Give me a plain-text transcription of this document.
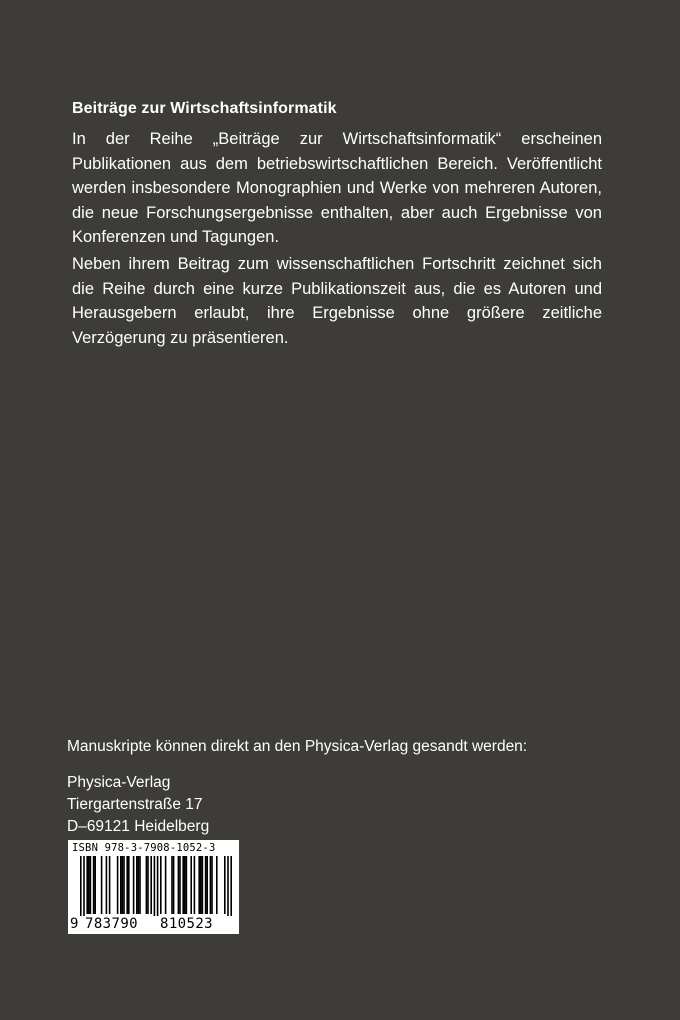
Beiträge zur Wirtschaftsinformatik

In der Reihe „Beiträge zur Wirtschaftsinformatik“ erscheinen Publikationen aus dem betriebswirtschaftlichen Bereich. Veröffentlicht werden insbesondere Monographien und Werke von mehreren Autoren, die neue Forschungsergebnisse enthalten, aber auch Ergebnisse von Konferenzen und Tagungen.

Neben ihrem Beitrag zum wissenschaftlichen Fortschritt zeichnet sich die Reihe durch eine kurze Publikationszeit aus, die es Autoren und Herausgebern erlaubt, ihre Ergebnisse ohne größere zeitliche Verzögerung zu präsentieren.

Manuskripte können direkt an den Physica-Verlag gesandt werden:
Physica-Verlag
Tiergartenstraße 17
D–69121 Heidelberg
ISBN 978-3-7908-1052-3
9 783790 810523
